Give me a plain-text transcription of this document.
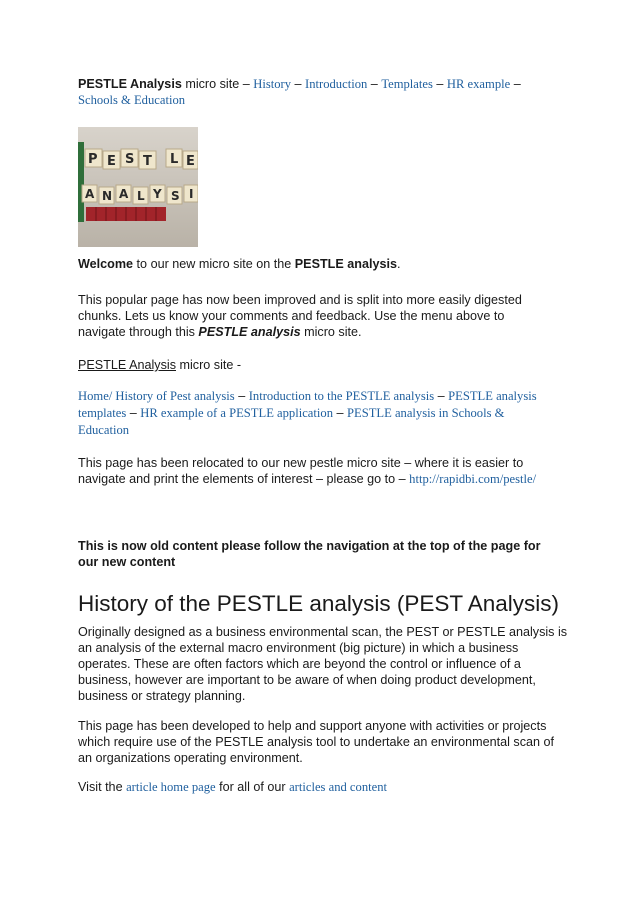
PESTLE Analysis micro site – History – Introduction – Templates – HR example –
Schools & Education

P E S T L E
A N A L Y S I

Welcome to our new micro site on the PESTLE analysis.

This popular page has now been improved and is split into more easily digested chunks. Lets us know your comments and feedback. Use the menu above to navigate through this PESTLE analysis micro site.

PESTLE Analysis micro site -

Home/ History of Pest analysis – Introduction to the PESTLE analysis – PESTLE analysis templates – HR example of a PESTLE application – PESTLE analysis in Schools & Education

This page has been relocated to our new pestle micro site – where it is easier to navigate and print the elements of interest – please go to – http://rapidbi.com/pestle/

This is now old content please follow the navigation at the top of the page for our new content

History of the PESTLE analysis (PEST Analysis)

Originally designed as a business environmental scan, the PEST or PESTLE analysis is an analysis of the external macro environment (big picture) in which a business operates. These are often factors which are beyond the control or influence of a business, however are important to be aware of when doing product development, business or strategy planning.

This page has been developed to help and support anyone with activities or projects which require use of the PESTLE analysis tool to undertake an environmental scan of an organizations operating environment.

Visit the article home page for all of our articles and content
